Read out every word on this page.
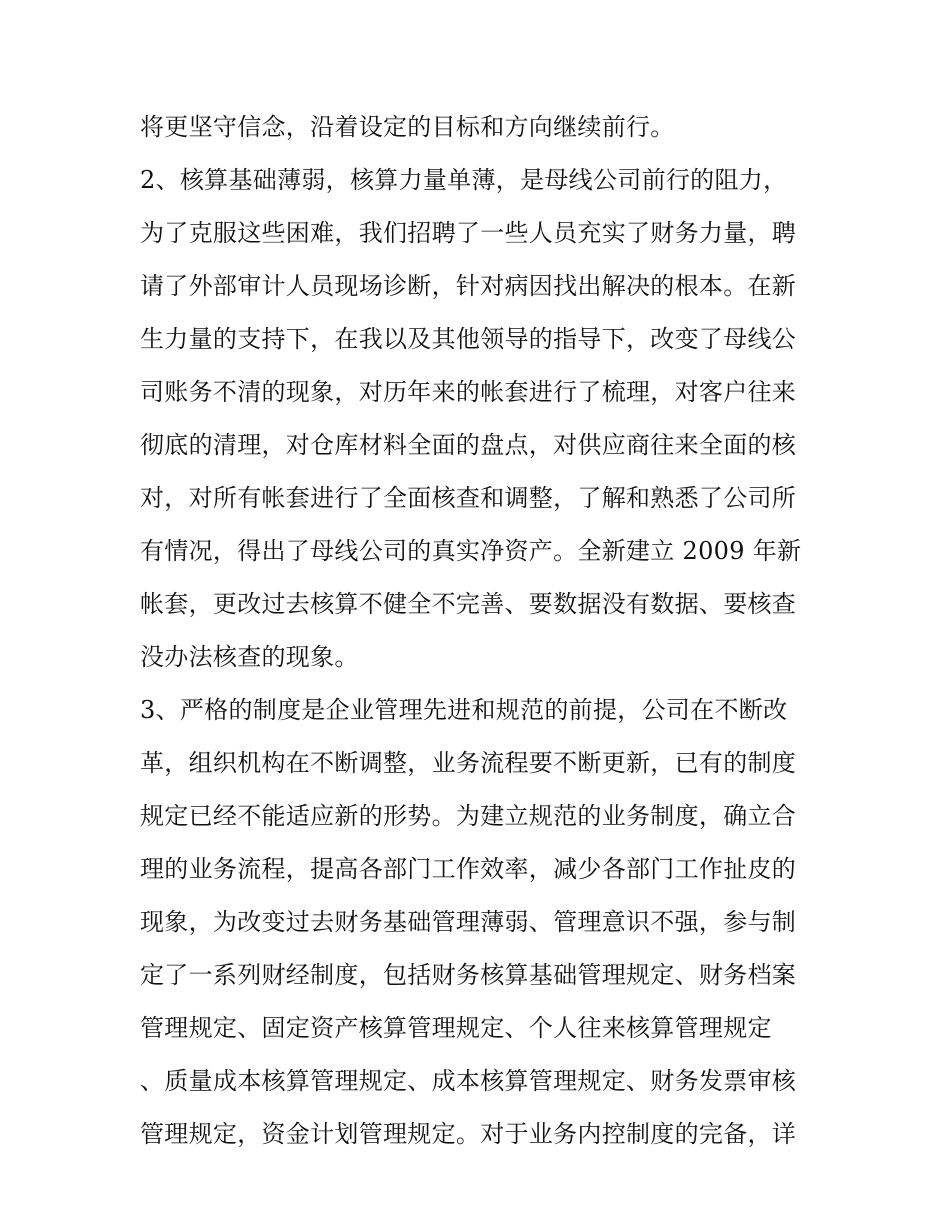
将更坚守信念，沿着设定的目标和方向继续前行。
2、核算基础薄弱，核算力量单薄，是母线公司前行的阻力，
为了克服这些困难，我们招聘了一些人员充实了财务力量，聘
请了外部审计人员现场诊断，针对病因找出解决的根本。在新
生力量的支持下，在我以及其他领导的指导下，改变了母线公
司账务不清的现象，对历年来的帐套进行了梳理，对客户往来
彻底的清理，对仓库材料全面的盘点，对供应商往来全面的核
对，对所有帐套进行了全面核查和调整，了解和熟悉了公司所
有情况，得出了母线公司的真实净资产。全新建立 2009 年新
帐套，更改过去核算不健全不完善、要数据没有数据、要核查
没办法核查的现象。
3、严格的制度是企业管理先进和规范的前提，公司在不断改
革，组织机构在不断调整，业务流程要不断更新，已有的制度
规定已经不能适应新的形势。为建立规范的业务制度，确立合
理的业务流程，提高各部门工作效率，减少各部门工作扯皮的
现象，为改变过去财务基础管理薄弱、管理意识不强，参与制
定了一系列财经制度，包括财务核算基础管理规定、财务档案
管理规定、固定资产核算管理规定、个人往来核算管理规定
、质量成本核算管理规定、成本核算管理规定、财务发票审核
管理规定，资金计划管理规定。对于业务内控制度的完备，详
